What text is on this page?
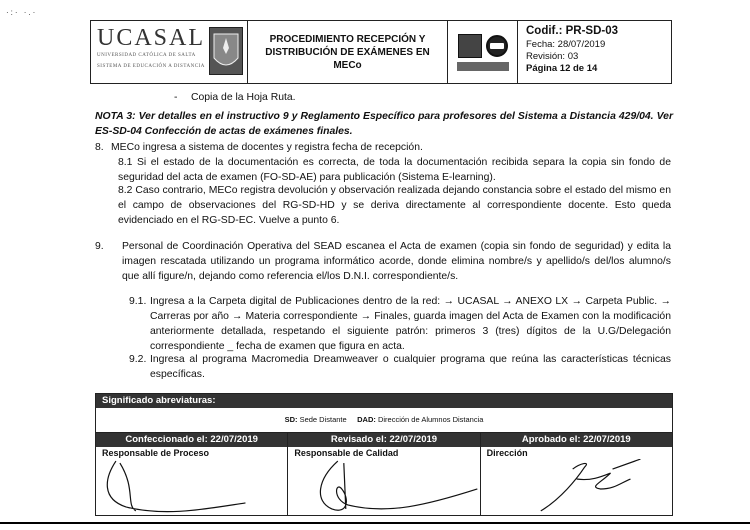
·:· ·.·
UCASAL
UNIVERSIDAD CATÓLICA DE SALTA
SISTEMA DE EDUCACIÓN A DISTANCIA
PROCEDIMIENTO RECEPCIÓN Y DISTRIBUCIÓN DE EXÁMENES EN MECo
Codif.: PR-SD-03
Fecha: 28/07/2019
Revisión: 03
Página 12 de 14
- Copia de la Hoja Ruta.
NOTA 3: Ver detalles en el instructivo 9 y Reglamento Específico para profesores del Sistema a Distancia 429/04. Ver ES-SD-04 Confección de actas de exámenes finales.
8. MECo ingresa a sistema de docentes y registra fecha de recepción.
8.1 Si el estado de la documentación es correcta, de toda la documentación recibida separa la copia sin fondo de seguridad del acta de examen (FO-SD-AE) para publicación (Sistema E-learning).
8.2 Caso contrario, MECo registra devolución y observación realizada dejando constancia sobre el estado del mismo en el campo de observaciones del RG-SD-HD y se deriva directamente al correspondiente docente. Esto queda evidenciado en el RG-SD-EC. Vuelve a punto 6.
9. Personal de Coordinación Operativa del SEAD escanea el Acta de examen (copia sin fondo de seguridad) y edita la imagen rescatada utilizando un programa informático acorde, donde elimina nombre/s y apellido/s del/los alumno/s que allí figure/n, dejando como referencia el/los D.N.I. correspondiente/s.
9.1. Ingresa a la Carpeta digital de Publicaciones dentro de la red: → UCASAL → ANEXO LX → Carpeta Public. → Carreras por año → Materia correspondiente → Finales, guarda imagen del Acta de Examen con la modificación anteriormente detallada, respetando el siguiente patrón: primeros 3 (tres) dígitos de la U.G/Delegación correspondiente _ fecha de examen que figura en acta.
9.2. Ingresa al programa Macromedia Dreamweaver o cualquier programa que reúna las características técnicas específicas.
Significado abreviaturas:
SD: Sede Distante DAD: Dirección de Alumnos Distancia
Confeccionado el: 22/07/2019
Responsable de Proceso
Revisado el: 22/07/2019
Responsable de Calidad
Aprobado el: 22/07/2019
Dirección
